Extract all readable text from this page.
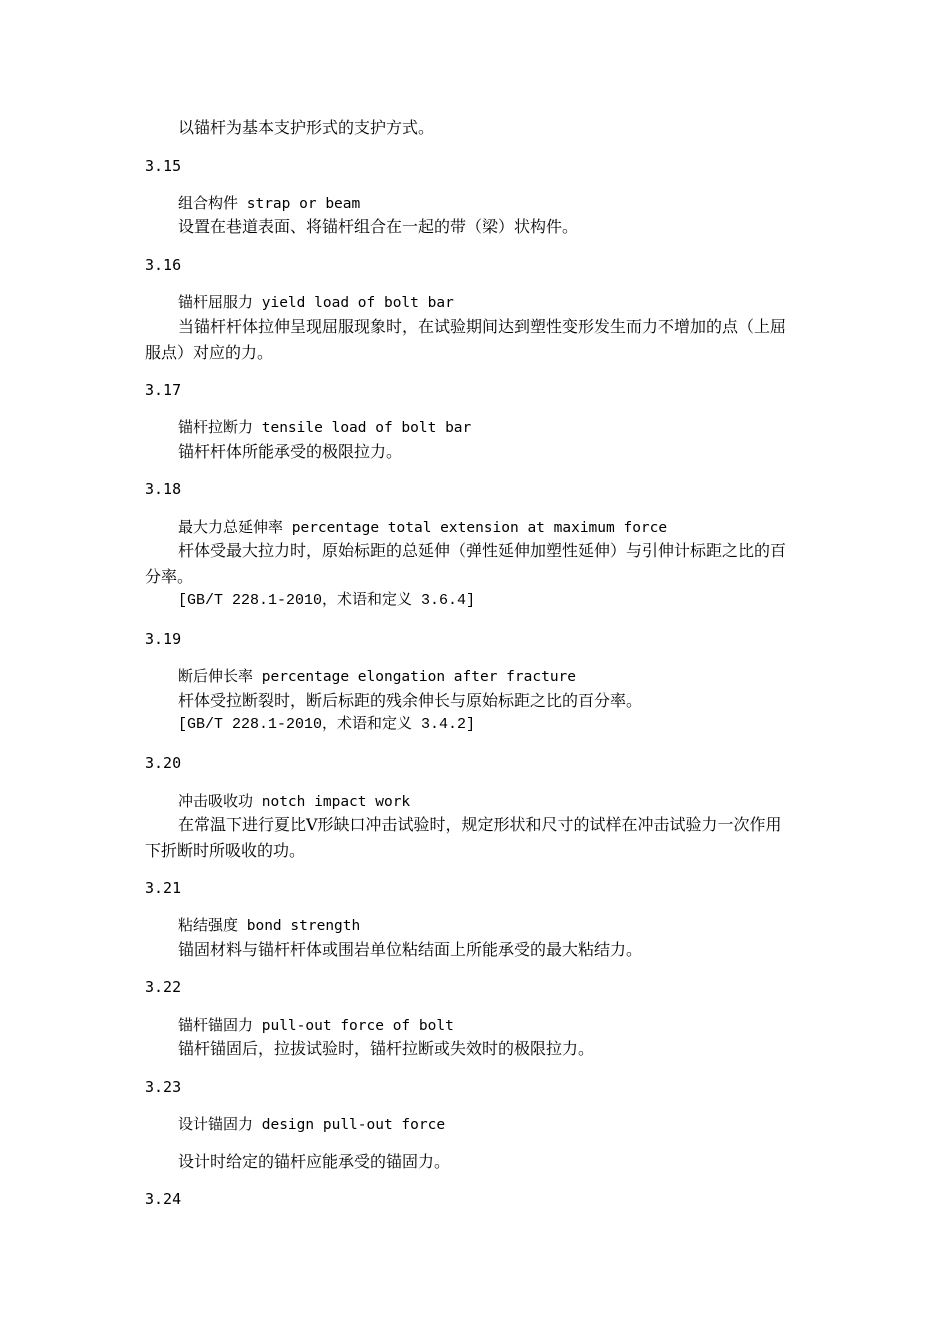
以锚杆为基本支护形式的支护方式。
3.15
组合构件 strap or beam
设置在巷道表面、将锚杆组合在一起的带（梁）状构件。
3.16
锚杆屈服力 yield load of bolt bar
当锚杆杆体拉伸呈现屈服现象时，在试验期间达到塑性变形发生而力不增加的点（上屈
服点）对应的力。
3.17
锚杆拉断力 tensile load of bolt bar
锚杆杆体所能承受的极限拉力。
3.18
最大力总延伸率 percentage total extension at maximum force
杆体受最大拉力时，原始标距的总延伸（弹性延伸加塑性延伸）与引伸计标距之比的百
分率。
[GB/T 228.1-2010，术语和定义 3.6.4]
3.19
断后伸长率 percentage elongation after fracture
杆体受拉断裂时，断后标距的残余伸长与原始标距之比的百分率。
[GB/T 228.1-2010，术语和定义 3.4.2]
3.20
冲击吸收功 notch impact work
在常温下进行夏比V形缺口冲击试验时，规定形状和尺寸的试样在冲击试验力一次作用
下折断时所吸收的功。
3.21
粘结强度 bond strength
锚固材料与锚杆杆体或围岩单位粘结面上所能承受的最大粘结力。
3.22
锚杆锚固力 pull-out force of bolt
锚杆锚固后，拉拔试验时，锚杆拉断或失效时的极限拉力。
3.23
设计锚固力 design pull-out force
设计时给定的锚杆应能承受的锚固力。
3.24
